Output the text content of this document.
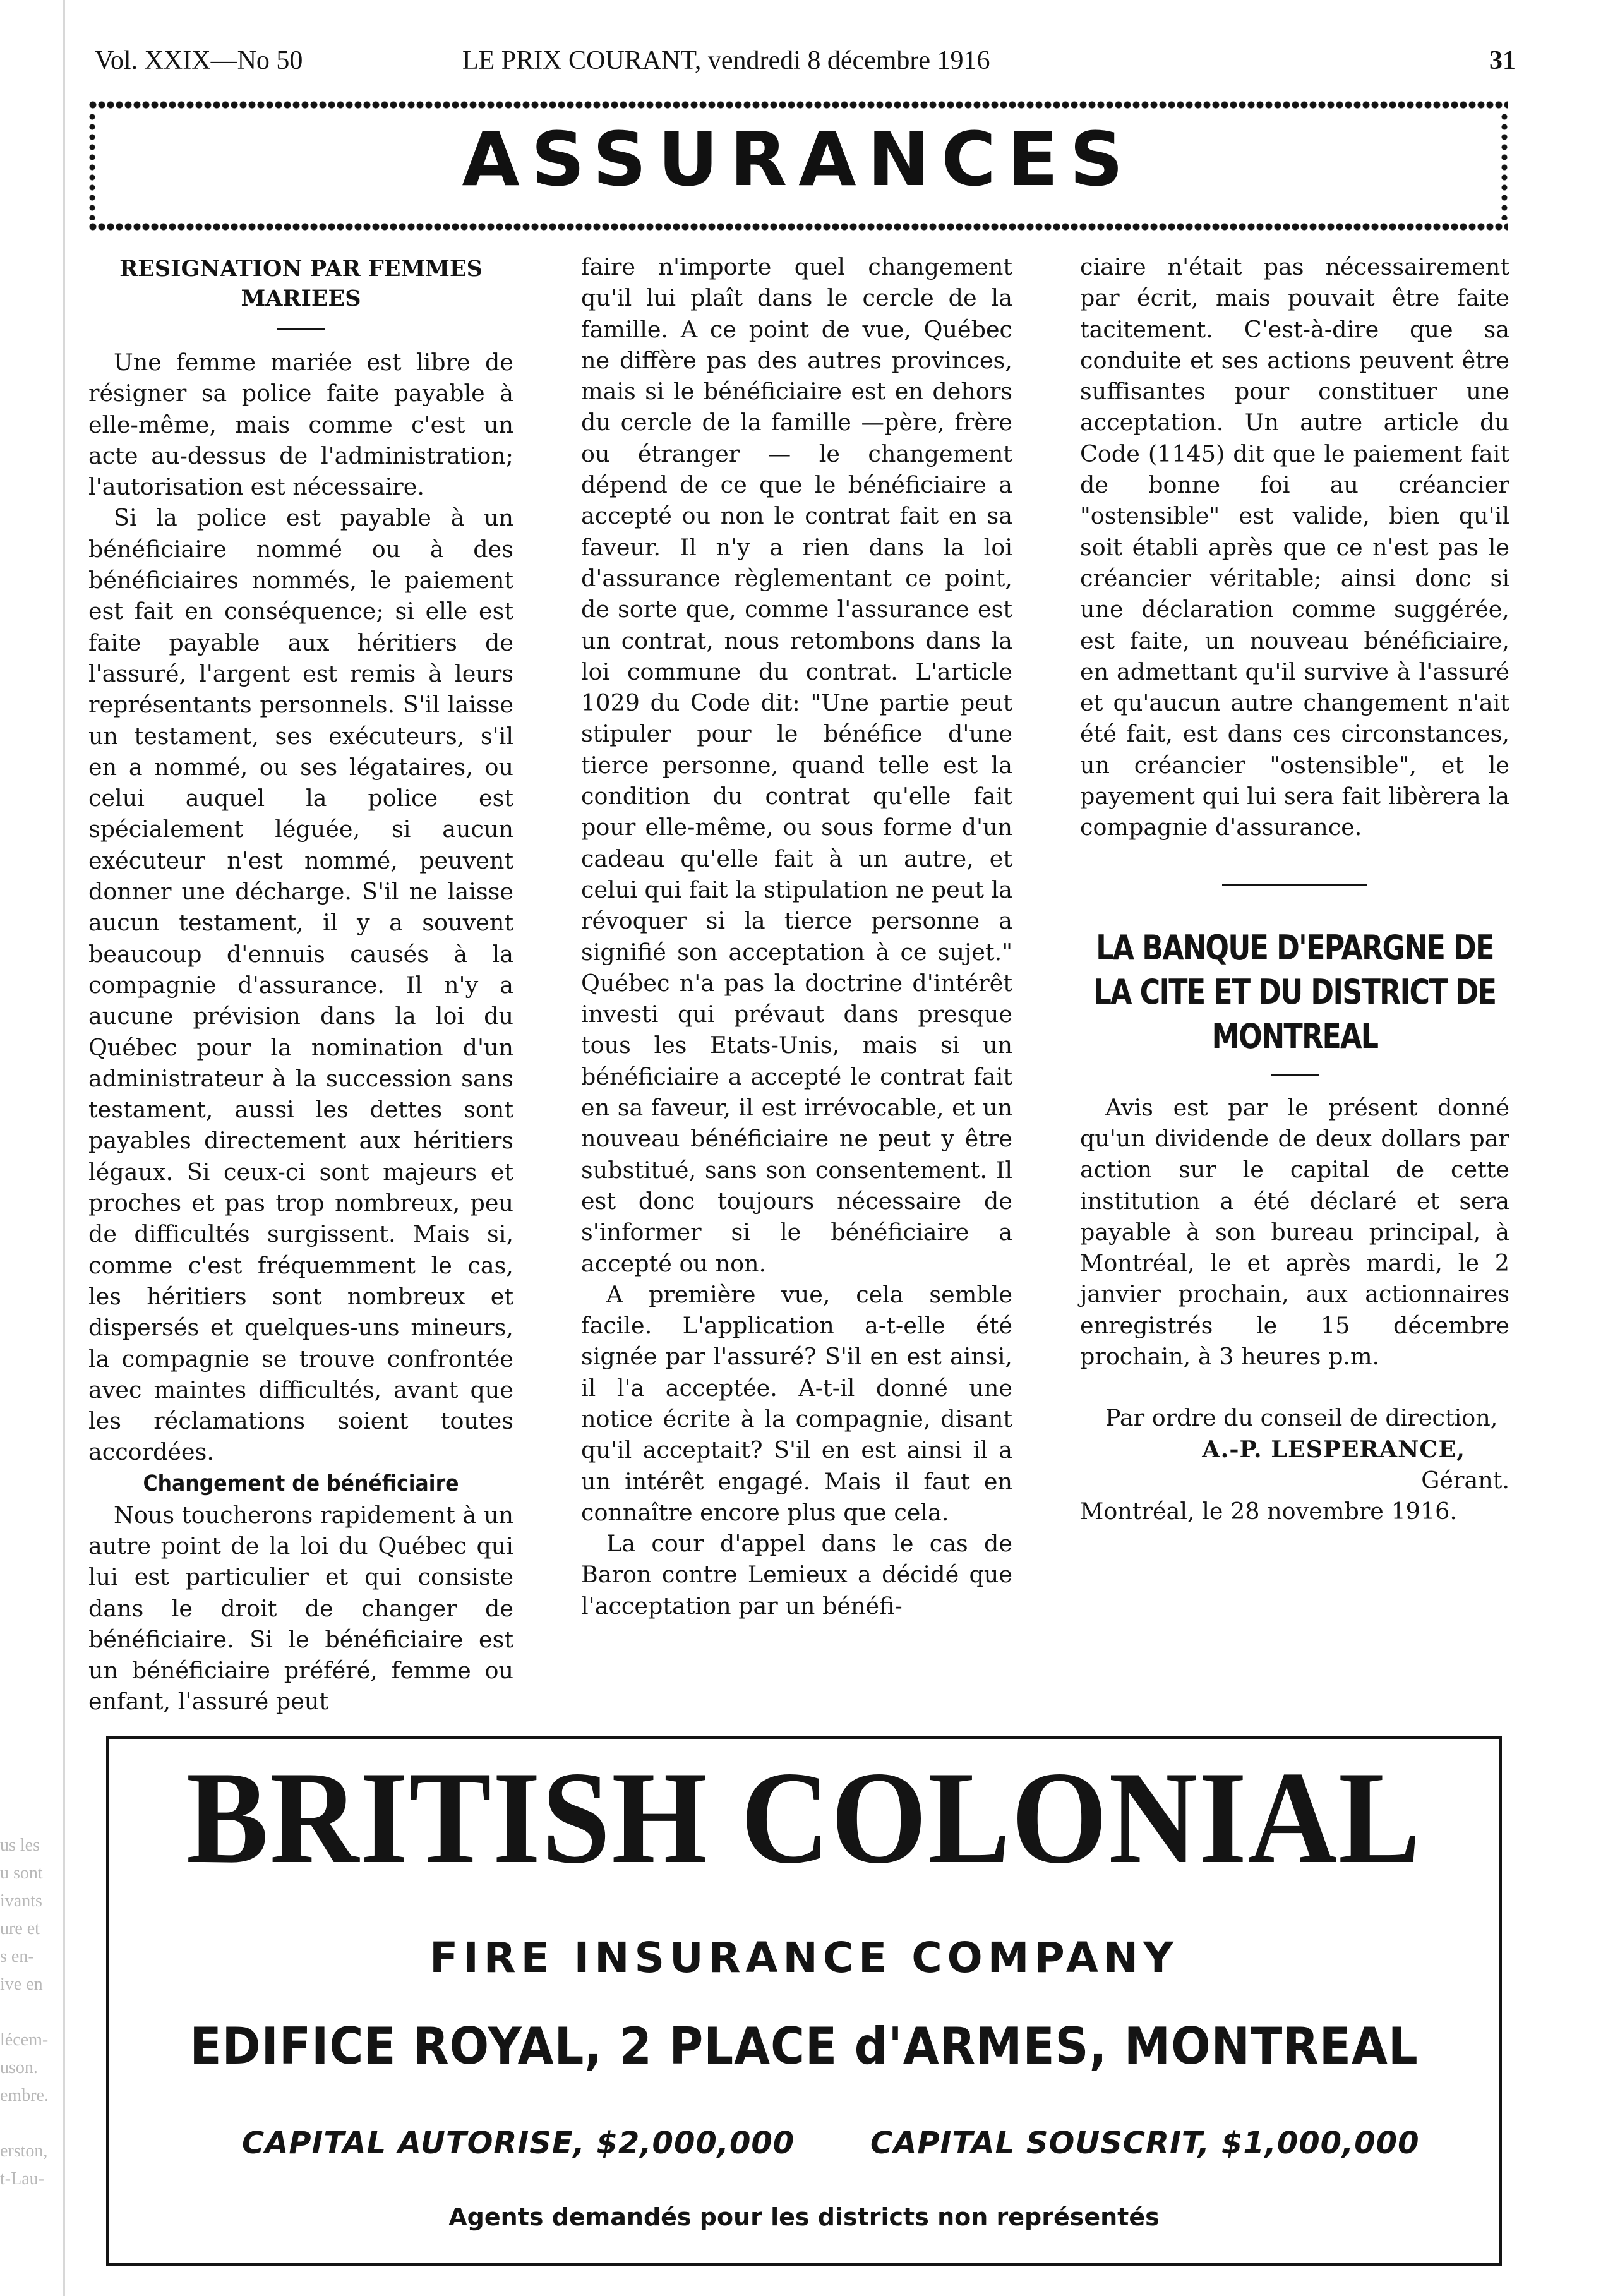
Vol. XXIX—No 50	LE PRIX COURANT, vendredi 8 décembre 1916	31
ASSURANCES
RESIGNATION PAR FEMMES MARIEES

Une femme mariée est libre de résigner sa police faite payable à elle-même, mais comme c'est un acte au-dessus de l'administration; l'autorisation est nécessaire.

Si la police est payable à un bénéficiaire nommé ou à des bénéficiaires nommés, le paiement est fait en conséquence; si elle est faite payable aux héritiers de l'assuré, l'argent est remis à leurs représentants personnels. S'il laisse un testament, ses exécuteurs, s'il en a nommé, ou ses légataires, ou celui auquel la police est spécialement léguée, si aucun exécuteur n'est nommé, peuvent donner une décharge. S'il ne laisse aucun testament, il y a souvent beaucoup d'ennuis causés à la compagnie d'assurance. Il n'y a aucune prévision dans la loi du Québec pour la nomination d'un administrateur à la succession sans testament, aussi les dettes sont payables directement aux héritiers légaux. Si ceux-ci sont majeurs et proches et pas trop nombreux, peu de difficultés surgissent. Mais si, comme c'est fréquemment le cas, les héritiers sont nombreux et dispersés et quelques-uns mineurs, la compagnie se trouve confrontée avec maintes difficultés, avant que les réclamations soient toutes accordées.

Changement de bénéficiaire

Nous toucherons rapidement à un autre point de la loi du Québec qui lui est particulier et qui consiste dans le droit de changer de bénéficiaire. Si le bénéficiaire est un bénéficiaire préféré, femme ou enfant, l'assuré peut

faire n'importe quel changement qu'il lui plaît dans le cercle de la famille. A ce point de vue, Québec ne diffère pas des autres provinces, mais si le bénéficiaire est en dehors du cercle de la famille —père, frère ou étranger — le changement dépend de ce que le bénéficiaire a accepté ou non le contrat fait en sa faveur. Il n'y a rien dans la loi d'assurance règlementant ce point, de sorte que, comme l'assurance est un contrat, nous retombons dans la loi commune du contrat. L'article 1029 du Code dit: "Une partie peut stipuler pour le bénéfice d'une tierce personne, quand telle est la condition du contrat qu'elle fait pour elle-même, ou sous forme d'un cadeau qu'elle fait à un autre, et celui qui fait la stipulation ne peut la révoquer si la tierce personne a signifié son acceptation à ce sujet." Québec n'a pas la doctrine d'intérêt investi qui prévaut dans presque tous les Etats-Unis, mais si un bénéficiaire a accepté le contrat fait en sa faveur, il est irrévocable, et un nouveau bénéficiaire ne peut y être substitué, sans son consentement. Il est donc toujours nécessaire de s'informer si le bénéficiaire a accepté ou non.

A première vue, cela semble facile. L'application a-t-elle été signée par l'assuré? S'il en est ainsi, il l'a acceptée. A-t-il donné une notice écrite à la compagnie, disant qu'il acceptait? S'il en est ainsi il a un intérêt engagé. Mais il faut en connaître encore plus que cela.

La cour d'appel dans le cas de Baron contre Lemieux a décidé que l'acceptation par un bénéfi-

ciaire n'était pas nécessairement par écrit, mais pouvait être faite tacitement. C'est-à-dire que sa conduite et ses actions peuvent être suffisantes pour constituer une acceptation. Un autre article du Code (1145) dit que le paiement fait de bonne foi au créancier "ostensible" est valide, bien qu'il soit établi après que ce n'est pas le créancier véritable; ainsi donc si une déclaration comme suggérée, est faite, un nouveau bénéficiaire, en admettant qu'il survive à l'assuré et qu'aucun autre changement n'ait été fait, est dans ces circonstances, un créancier "ostensible", et le payement qui lui sera fait libèrera la compagnie d'assurance.

LA BANQUE D'EPARGNE DE LA CITE ET DU DISTRICT DE MONTREAL

Avis est par le présent donné qu'un dividende de deux dollars par action sur le capital de cette institution a été déclaré et sera payable à son bureau principal, à Montréal, le et après mardi, le 2 janvier prochain, aux actionnaires enregistrés le 15 décembre prochain, à 3 heures p.m.

Par ordre du conseil de direction,

A.-P. LESPERANCE,

Gérant.

Montréal, le 28 novembre 1916.

BRITISH COLONIAL
FIRE INSURANCE COMPANY
EDIFICE ROYAL, 2 PLACE d'ARMES, MONTREAL
CAPITAL AUTORISE, $2,000,000 CAPITAL SOUSCRIT, $1,000,000
Agents demandés pour les districts non représentés
us les
u sont
ivants
ure et
s en-
ive en

lécem-
uson.
embre.

erston,
t-Lau-
